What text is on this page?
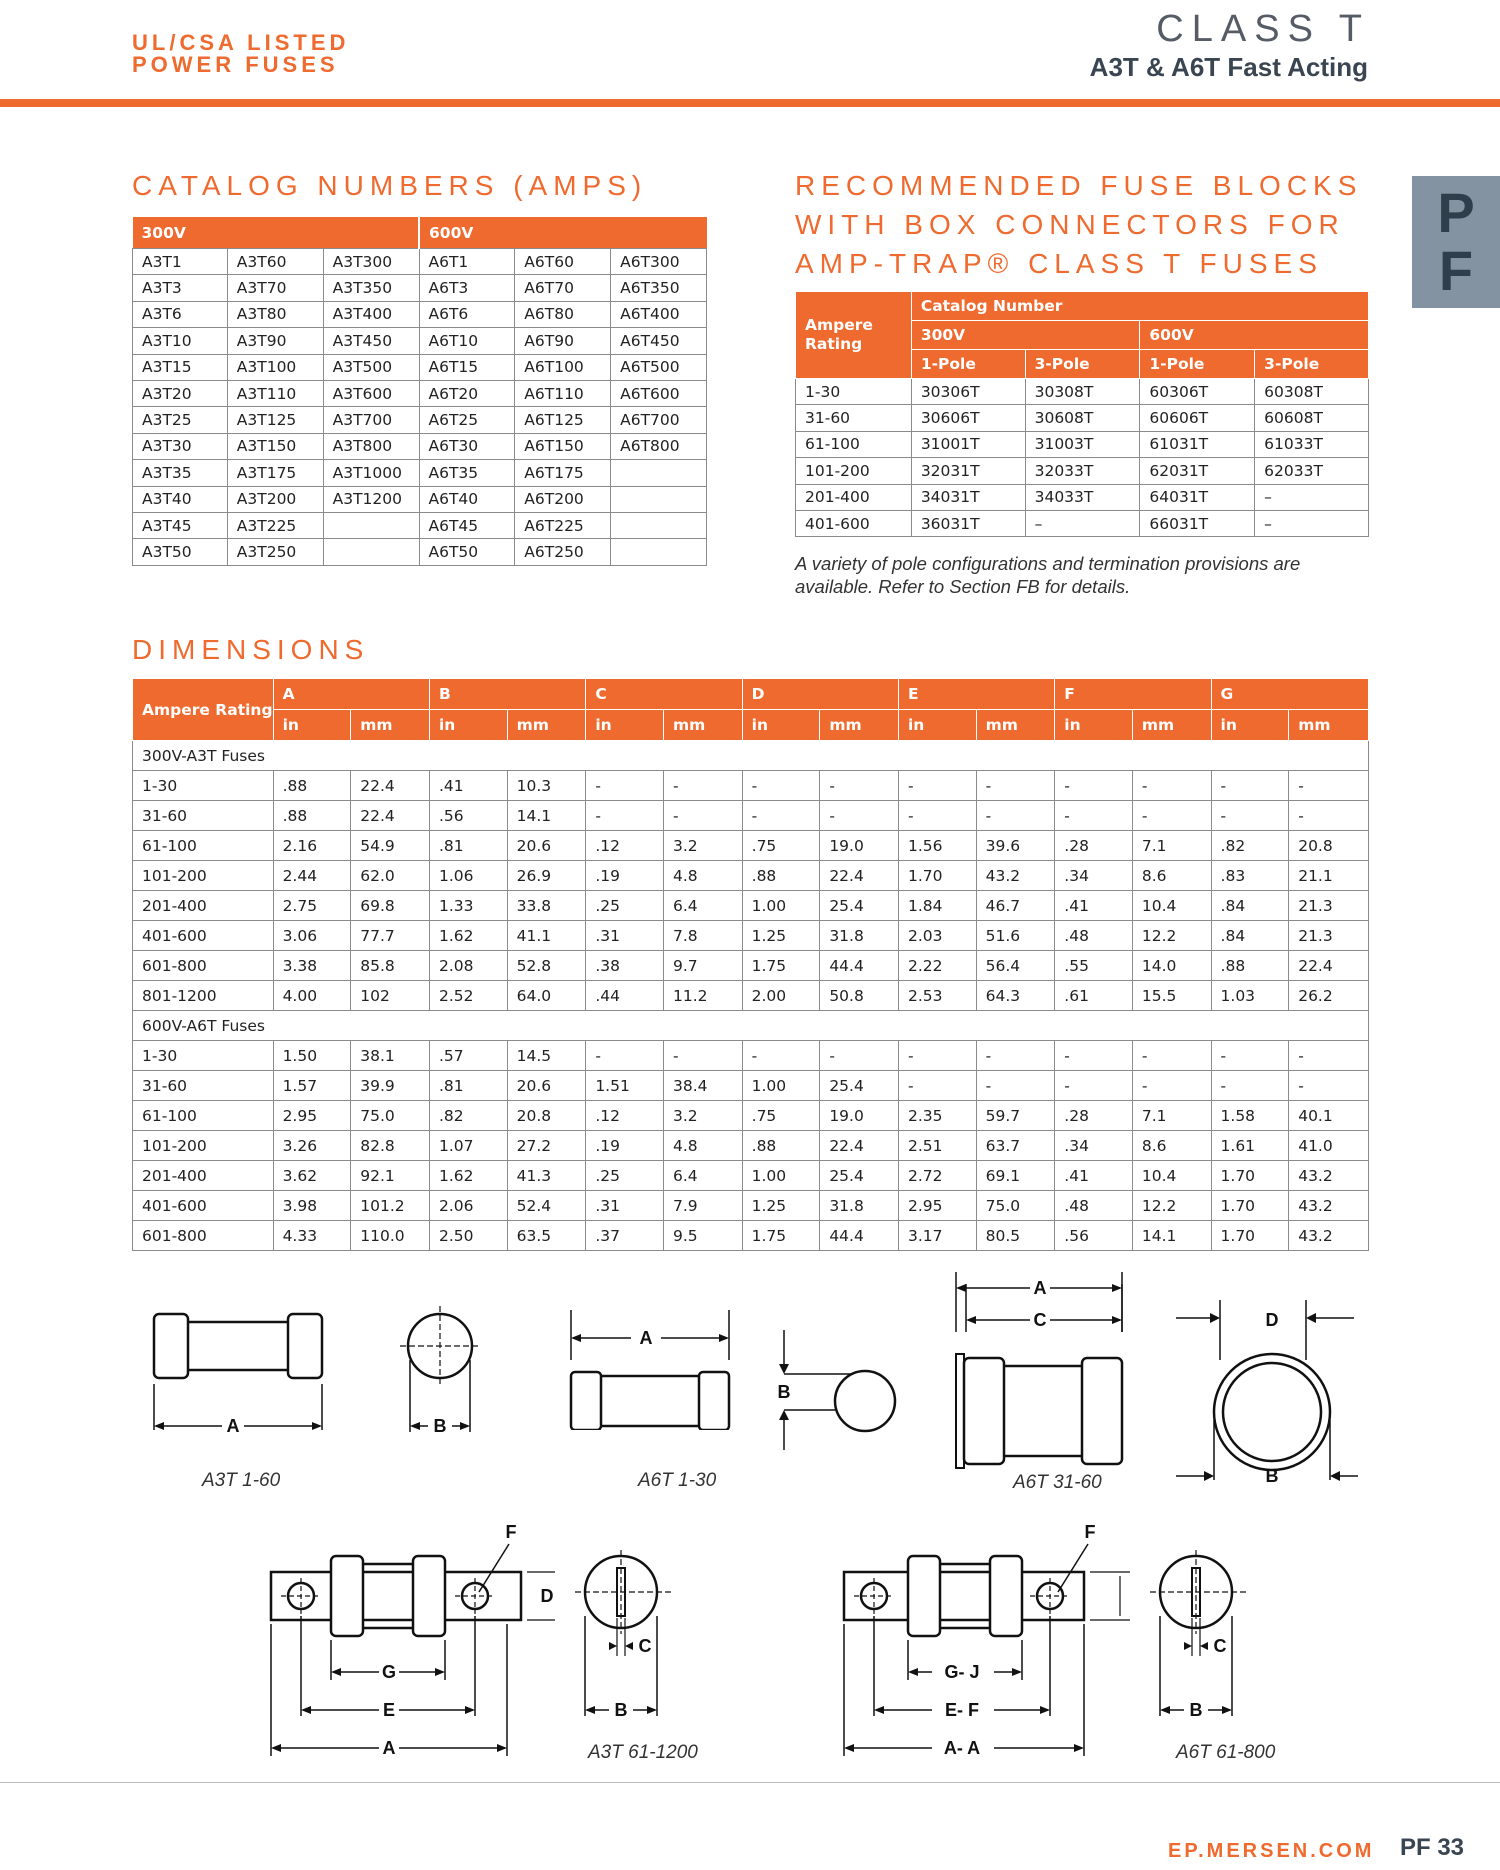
UL/CSA LISTED
POWER FUSES
CLASS T
A3T & A6T Fast Acting
P
F
CATALOG NUMBERS (AMPS)
300V			600V		
A3T1	A3T60	A3T300	A6T1	A6T60	A6T300
A3T3	A3T70	A3T350	A6T3	A6T70	A6T350
A3T6	A3T80	A3T400	A6T6	A6T80	A6T400
A3T10	A3T90	A3T450	A6T10	A6T90	A6T450
A3T15	A3T100	A3T500	A6T15	A6T100	A6T500
A3T20	A3T110	A3T600	A6T20	A6T110	A6T600
A3T25	A3T125	A3T700	A6T25	A6T125	A6T700
A3T30	A3T150	A3T800	A6T30	A6T150	A6T800
A3T35	A3T175	A3T1000	A6T35	A6T175	
A3T40	A3T200	A3T1200	A6T40	A6T200	
A3T45	A3T225		A6T45	A6T225	
A3T50	A3T250		A6T50	A6T250	
RECOMMENDED FUSE BLOCKS
WITH BOX CONNECTORS FOR
AMP-TRAP® CLASS T FUSES
Ampere Rating	Catalog Number			
	300V		600V	
	1-Pole	3-Pole	1-Pole	3-Pole
1-30	30306T	30308T	60306T	60308T
31-60	30606T	30608T	60606T	60608T
61-100	31001T	31003T	61031T	61033T
101-200	32031T	32033T	62031T	62033T
201-400	34031T	34033T	64031T	–
401-600	36031T	–	66031T	–
A variety of pole configurations and termination provisions are available. Refer to Section FB for details.
DIMENSIONS
Ampere Rating	A		B		C		D		E		F		G	
	in	mm	in	mm	in	mm	in	mm	in	mm	in	mm	in	mm
300V-A3T Fuses														
1-30	.88	22.4	.41	10.3	-	-	-	-	-	-	-	-	-	-
31-60	.88	22.4	.56	14.1	-	-	-	-	-	-	-	-	-	-
61-100	2.16	54.9	.81	20.6	.12	3.2	.75	19.0	1.56	39.6	.28	7.1	.82	20.8
101-200	2.44	62.0	1.06	26.9	.19	4.8	.88	22.4	1.70	43.2	.34	8.6	.83	21.1
201-400	2.75	69.8	1.33	33.8	.25	6.4	1.00	25.4	1.84	46.7	.41	10.4	.84	21.3
401-600	3.06	77.7	1.62	41.1	.31	7.8	1.25	31.8	2.03	51.6	.48	12.2	.84	21.3
601-800	3.38	85.8	2.08	52.8	.38	9.7	1.75	44.4	2.22	56.4	.55	14.0	.88	22.4
801-1200	4.00	102	2.52	64.0	.44	11.2	2.00	50.8	2.53	64.3	.61	15.5	1.03	26.2
600V-A6T Fuses														
1-30	1.50	38.1	.57	14.5	-	-	-	-	-	-	-	-	-	-
31-60	1.57	39.9	.81	20.6	1.51	38.4	1.00	25.4	-	-	-	-	-	-
61-100	2.95	75.0	.82	20.8	.12	3.2	.75	19.0	2.35	59.7	.28	7.1	1.58	40.1
101-200	3.26	82.8	1.07	27.2	.19	4.8	.88	22.4	2.51	63.7	.34	8.6	1.61	41.0
201-400	3.62	92.1	1.62	41.3	.25	6.4	1.00	25.4	2.72	69.1	.41	10.4	1.70	43.2
401-600	3.98	101.2	2.06	52.4	.31	7.9	1.25	31.8	2.95	75.0	.48	12.2	1.70	43.2
601-800	4.33	110.0	2.50	63.5	.37	9.5	1.75	44.4	3.17	80.5	.56	14.1	1.70	43.2
A	B
A3T 1-60
A
B
A6T 1-30
A
C	D
B
A6T 31-60
F
D
G
E
A
C
B
A3T 61-1200
F
G- J
E- F
A- A
C
B
A6T 61-800
EP.MERSEN.COM PF 33
